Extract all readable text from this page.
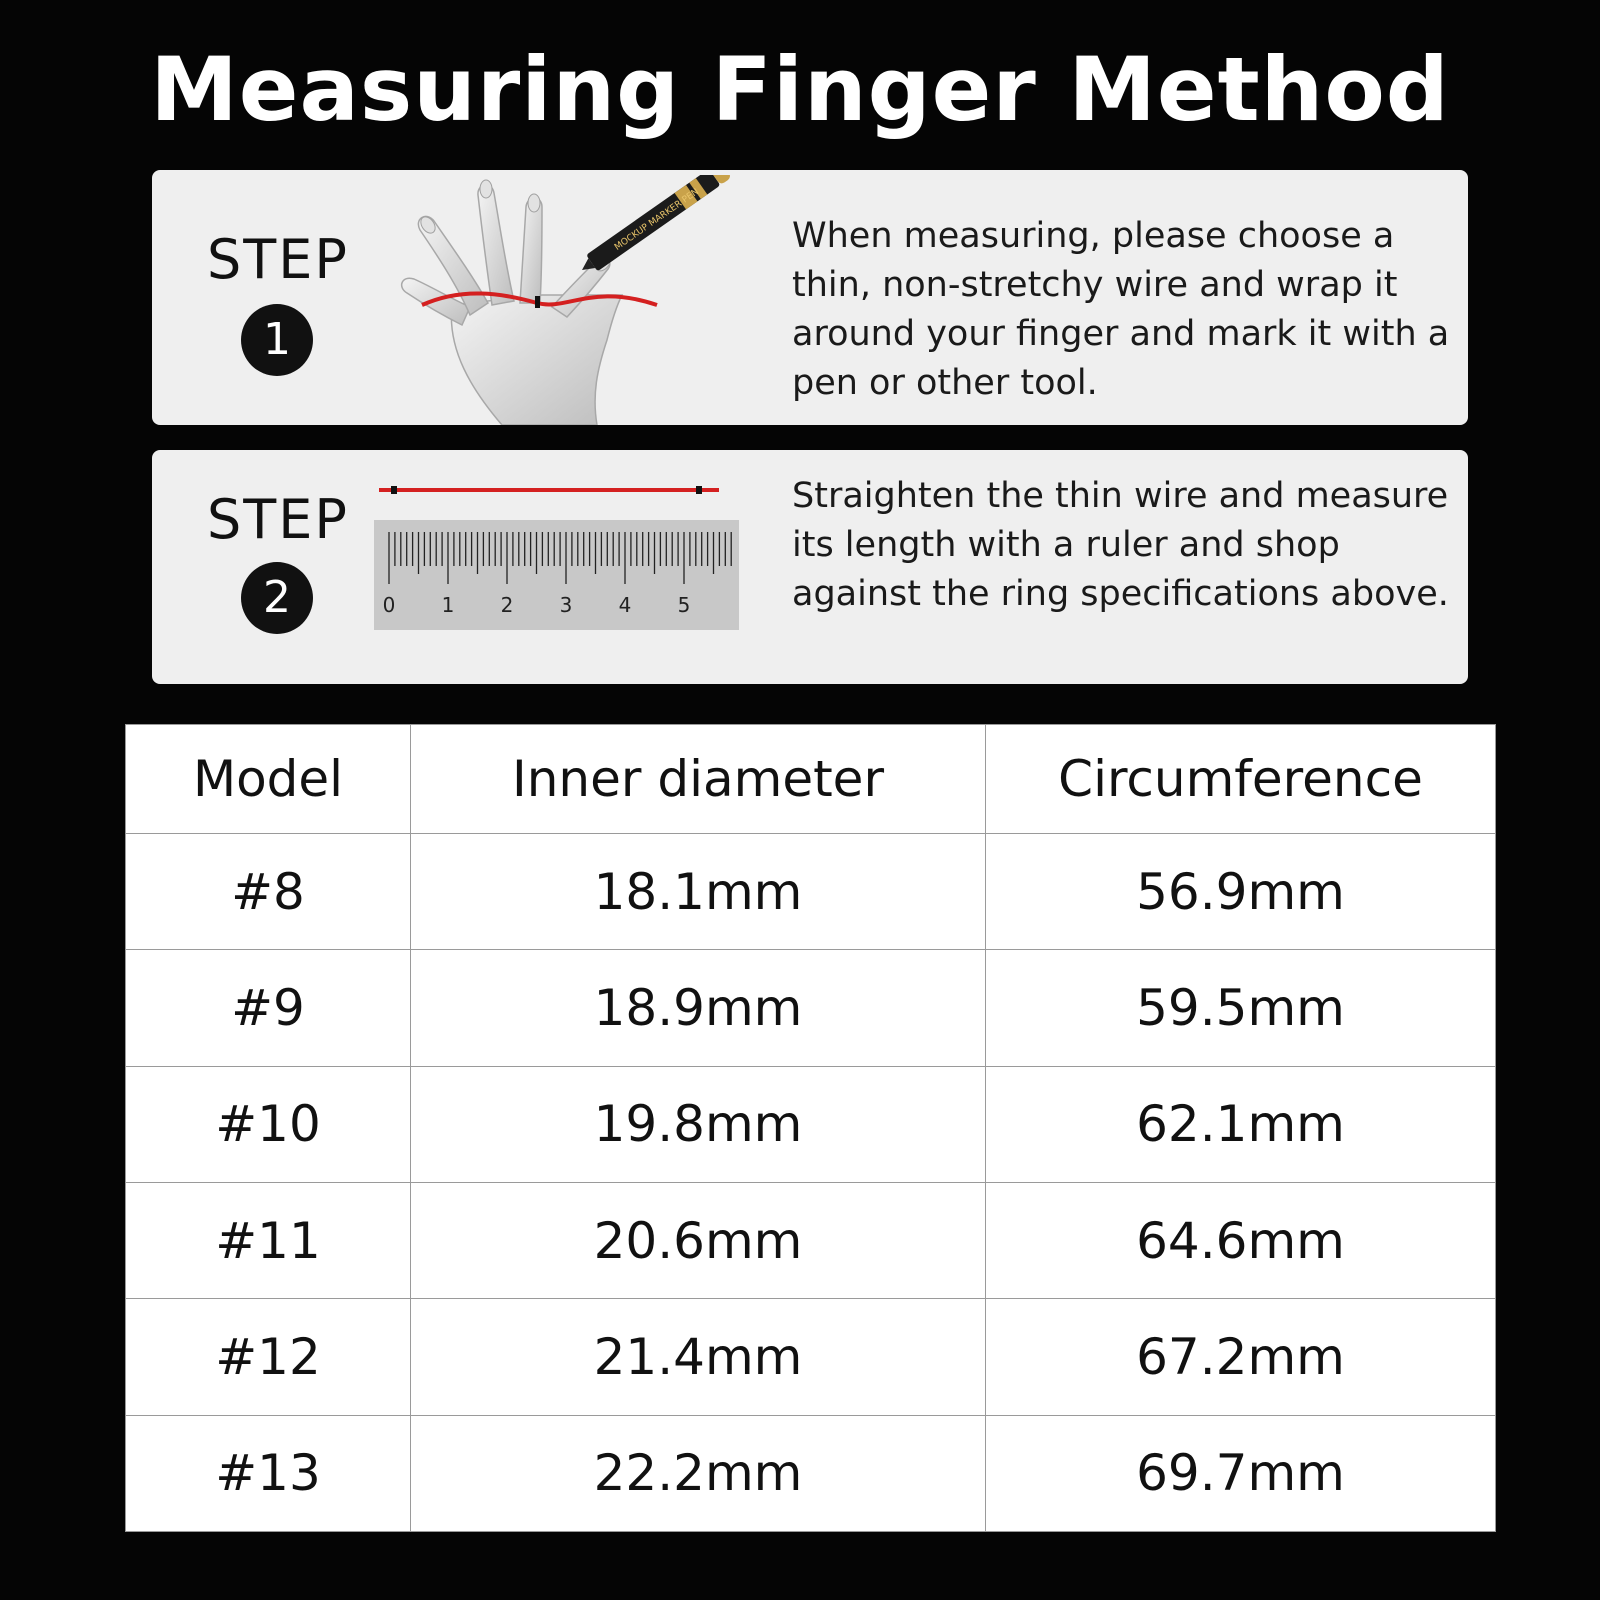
Measuring Finger Method
STEP
1
MOCKUP MARKER PEN	When measuring, please choose a thin, non-stretchy wire and wrap it around your finger and mark it with a pen or other tool.
STEP
2	0 1 2 3 4 5
Straighten the thin wire and measure its length with a ruler and shop against the ring specifications above.
Model	Inner diameter	Circumference
#8	18.1mm	56.9mm
#9	18.9mm	59.5mm
#10	19.8mm	62.1mm
#11	20.6mm	64.6mm
#12	21.4mm	67.2mm
#13	22.2mm	69.7mm
